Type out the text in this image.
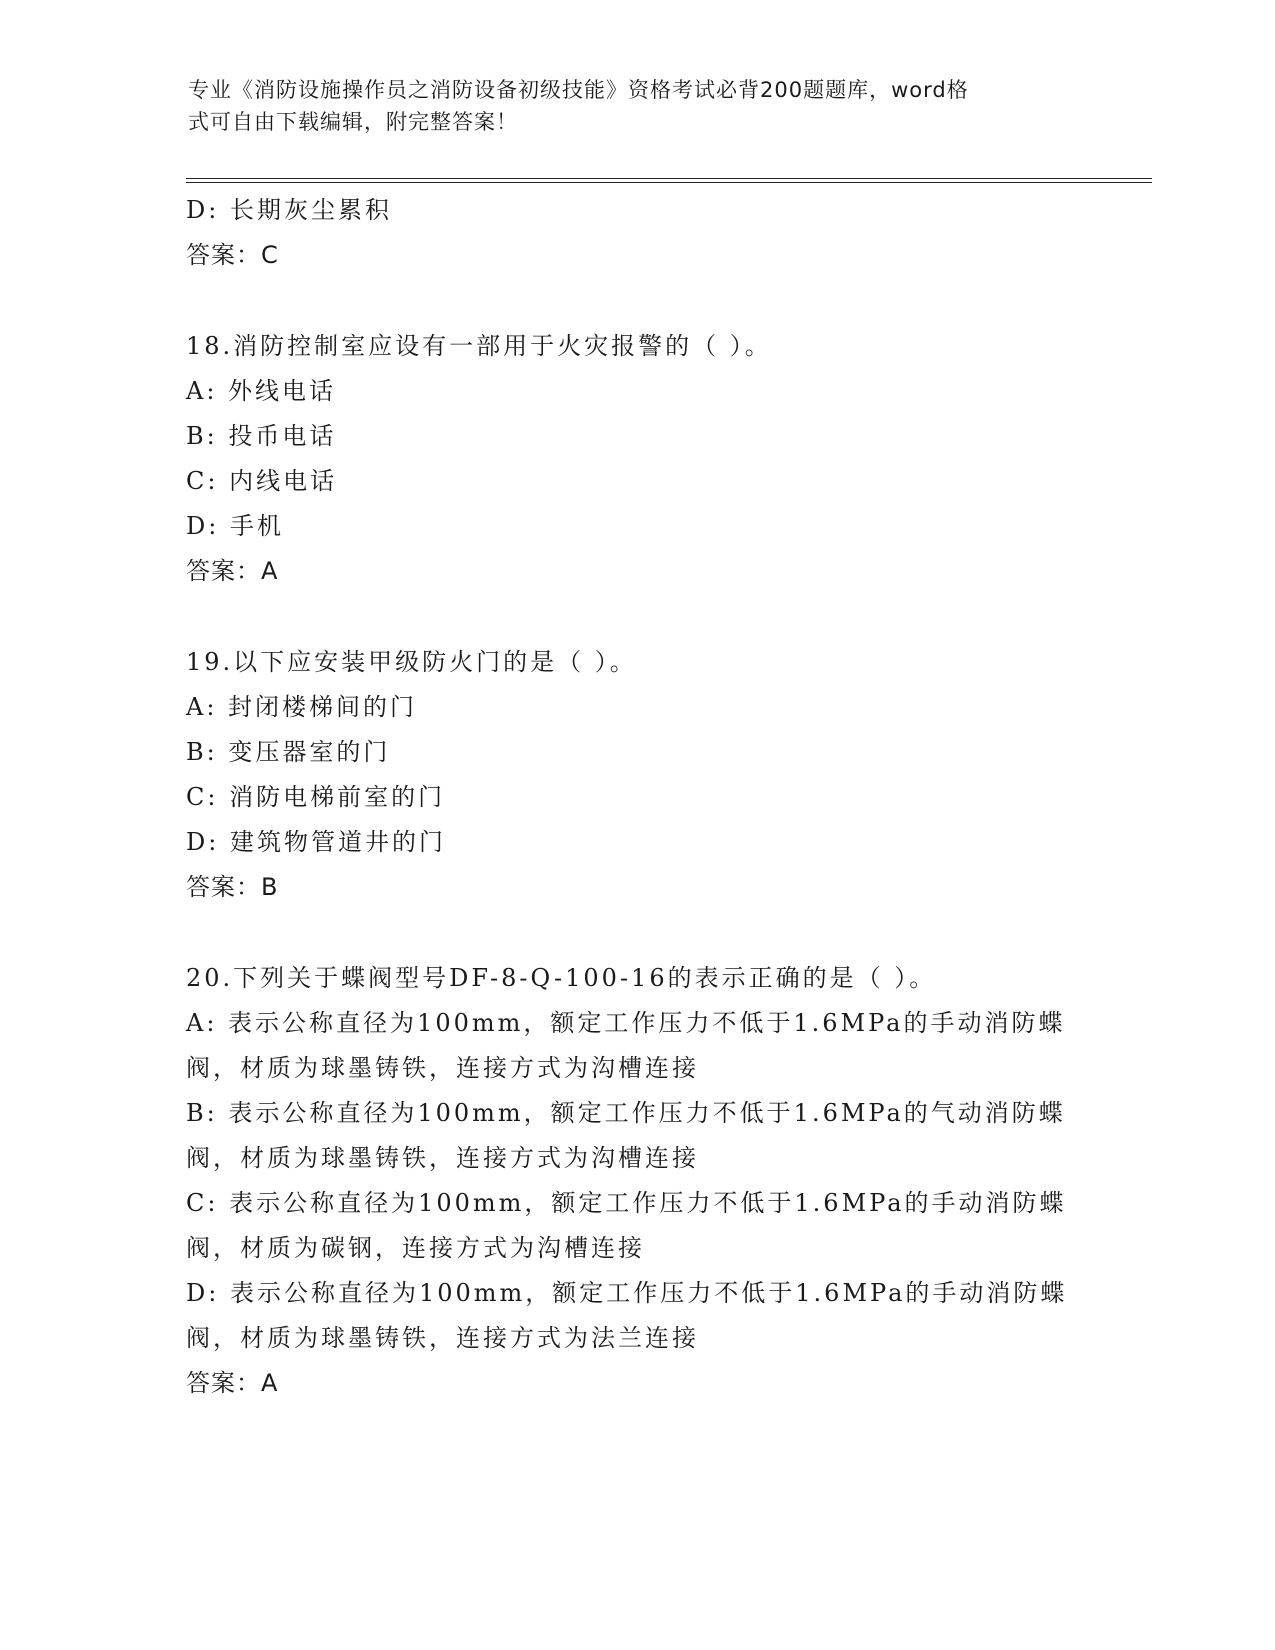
专业《消防设施操作员之消防设备初级技能》资格考试必背200题题库，word格
式可自由下载编辑，附完整答案！
D: 长期灰尘累积
答案：C
18.消防控制室应设有一部用于火灾报警的（ ）。
A: 外线电话
B: 投币电话
C: 内线电话
D: 手机
答案：A
19.以下应安装甲级防火门的是（ ）。
A: 封闭楼梯间的门
B: 变压器室的门
C: 消防电梯前室的门
D: 建筑物管道井的门
答案：B
20.下列关于蝶阀型号DF-8-Q-100-16的表示正确的是（ ）。
A: 表示公称直径为100mm，额定工作压力不低于1.6MPa的手动消防蝶
阀，材质为球墨铸铁，连接方式为沟槽连接
B: 表示公称直径为100mm，额定工作压力不低于1.6MPa的气动消防蝶
阀，材质为球墨铸铁，连接方式为沟槽连接
C: 表示公称直径为100mm，额定工作压力不低于1.6MPa的手动消防蝶
阀，材质为碳钢，连接方式为沟槽连接
D: 表示公称直径为100mm，额定工作压力不低于1.6MPa的手动消防蝶
阀，材质为球墨铸铁，连接方式为法兰连接
答案：A
